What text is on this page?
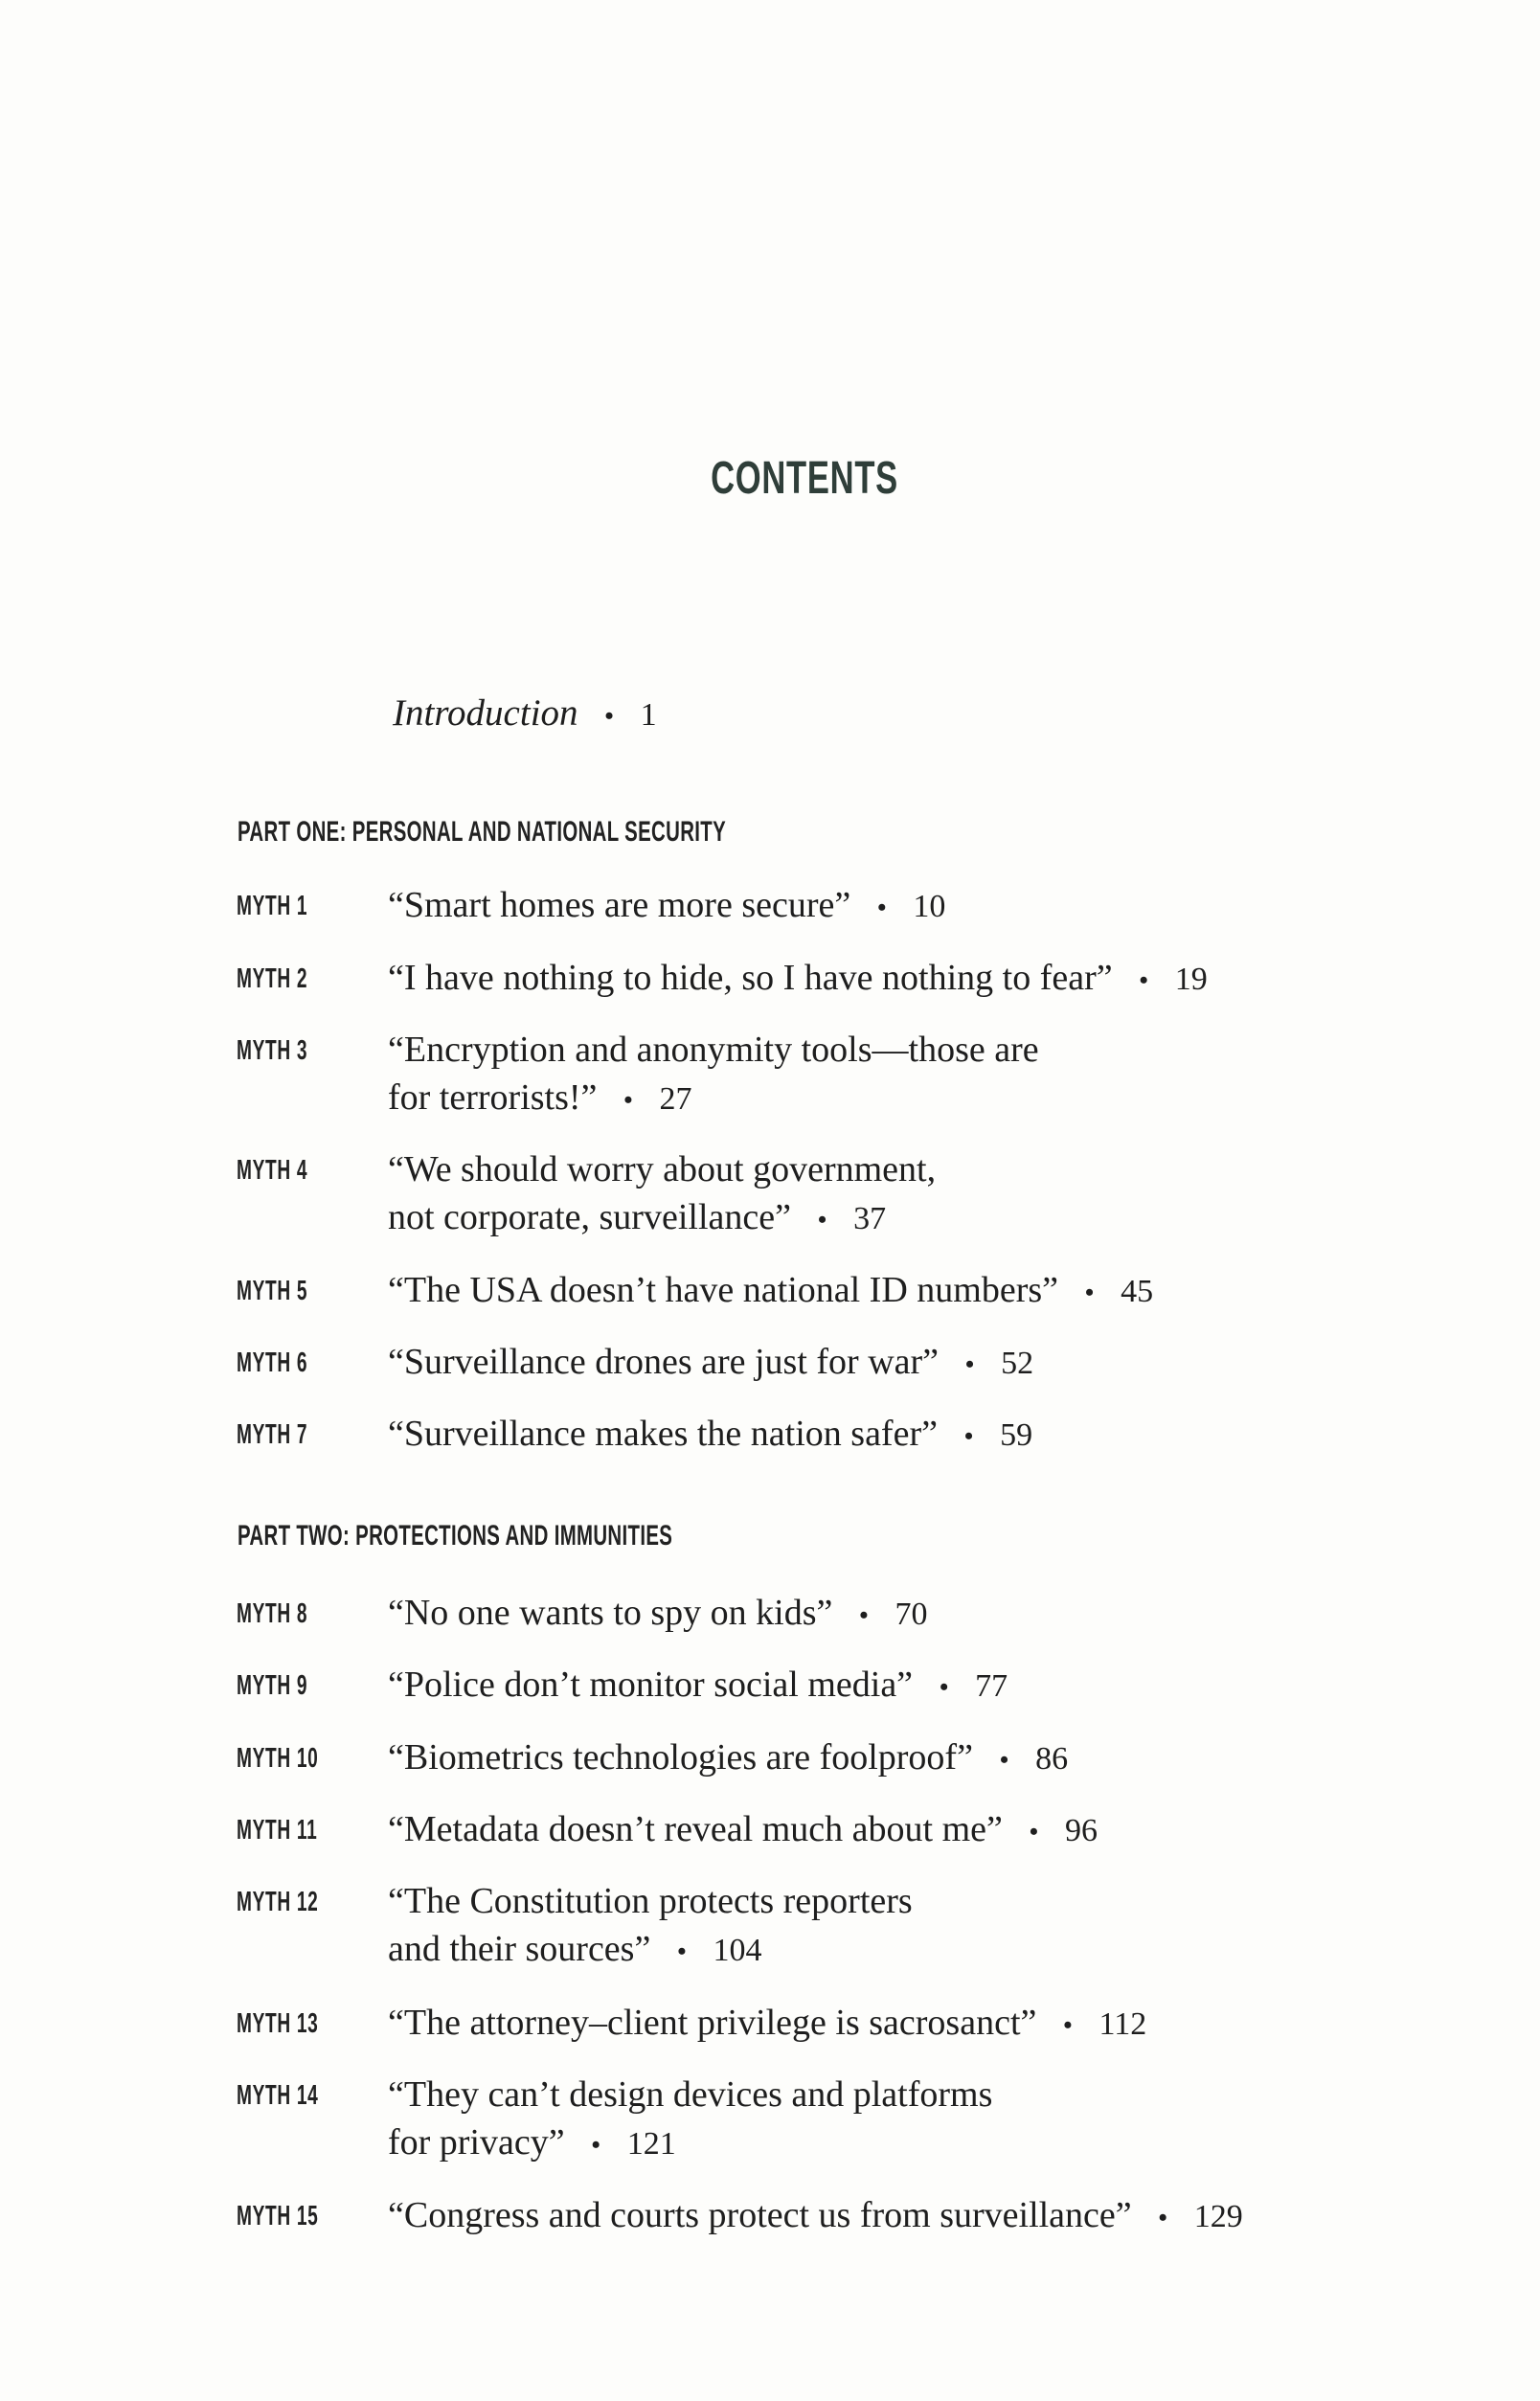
CONTENTS
Introduction • 1
PART ONE: PERSONAL AND NATIONAL SECURITY
MYTH 1 “Smart homes are more secure” • 10
MYTH 2 “I have nothing to hide, so I have nothing to fear” • 19
MYTH 3 “Encryption and anonymity tools—those are
for terrorists!” • 27
MYTH 4 “We should worry about government,
not corporate, surveillance” • 37
MYTH 5 “The USA doesn’t have national ID numbers” • 45
MYTH 6 “Surveillance drones are just for war” • 52
MYTH 7 “Surveillance makes the nation safer” • 59
PART TWO: PROTECTIONS AND IMMUNITIES
MYTH 8 “No one wants to spy on kids” • 70
MYTH 9 “Police don’t monitor social media” • 77
MYTH 10 “Biometrics technologies are foolproof” • 86
MYTH 11 “Metadata doesn’t reveal much about me” • 96
MYTH 12 “The Constitution protects reporters
and their sources” • 104
MYTH 13 “The attorney–client privilege is sacrosanct” • 112
MYTH 14 “They can’t design devices and platforms
for privacy” • 121
MYTH 15 “Congress and courts protect us from surveillance” • 129
